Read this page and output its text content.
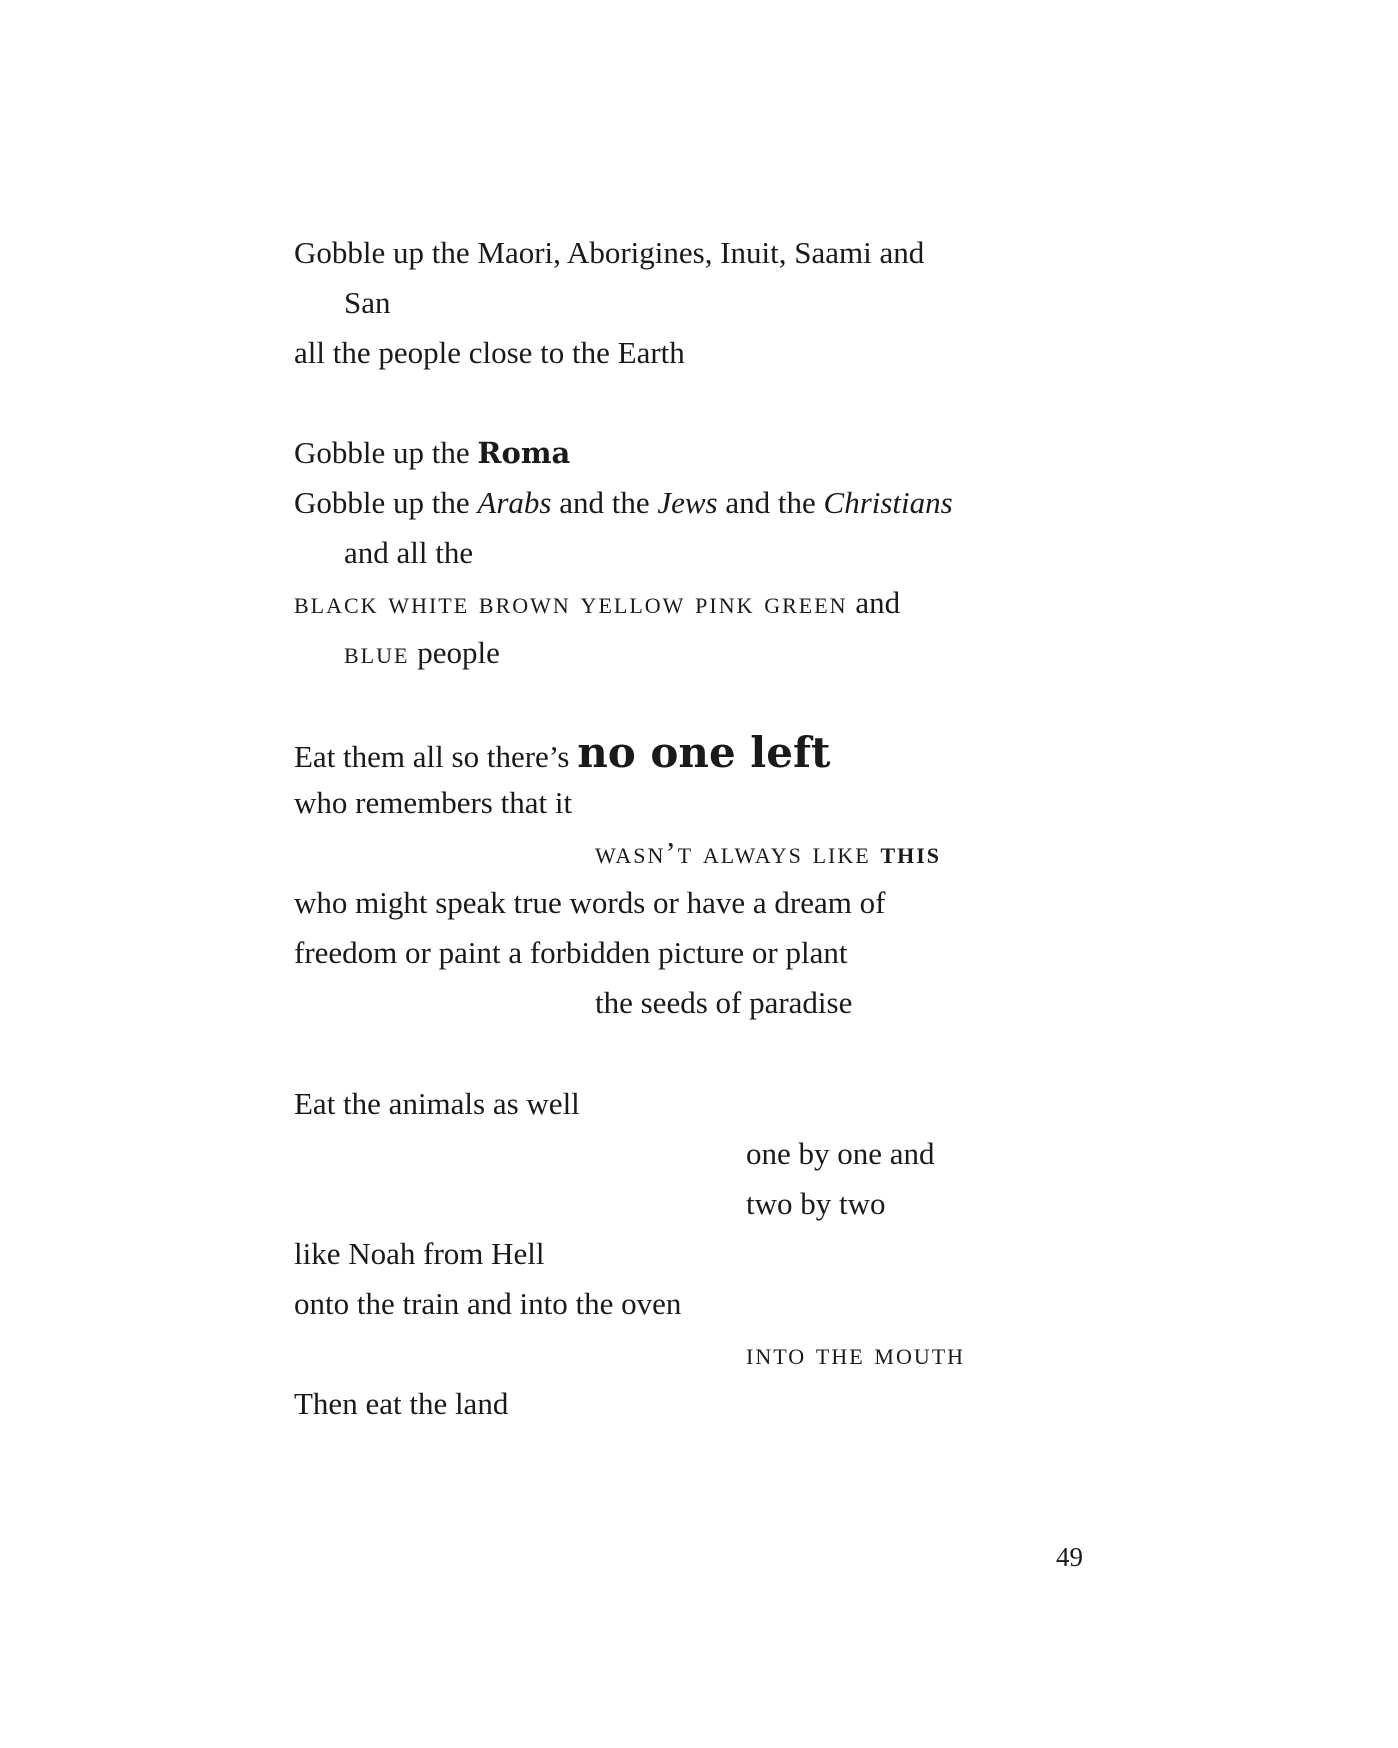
Gobble up the Maori, Aborigines, Inuit, Saami and
San
all the people close to the Earth
Gobble up the Roma
Gobble up the Arabs and the Jews and the Christians
and all the
black white brown yellow pink green and
blue people
Eat them all so there’s no one left
who remembers that it
wasn’t always like this
who might speak true words or have a dream of
freedom or paint a forbidden picture or plant
the seeds of paradise
Eat the animals as well
one by one and
two by two
like Noah from Hell
onto the train and into the oven
into the mouth
Then eat the land
49
